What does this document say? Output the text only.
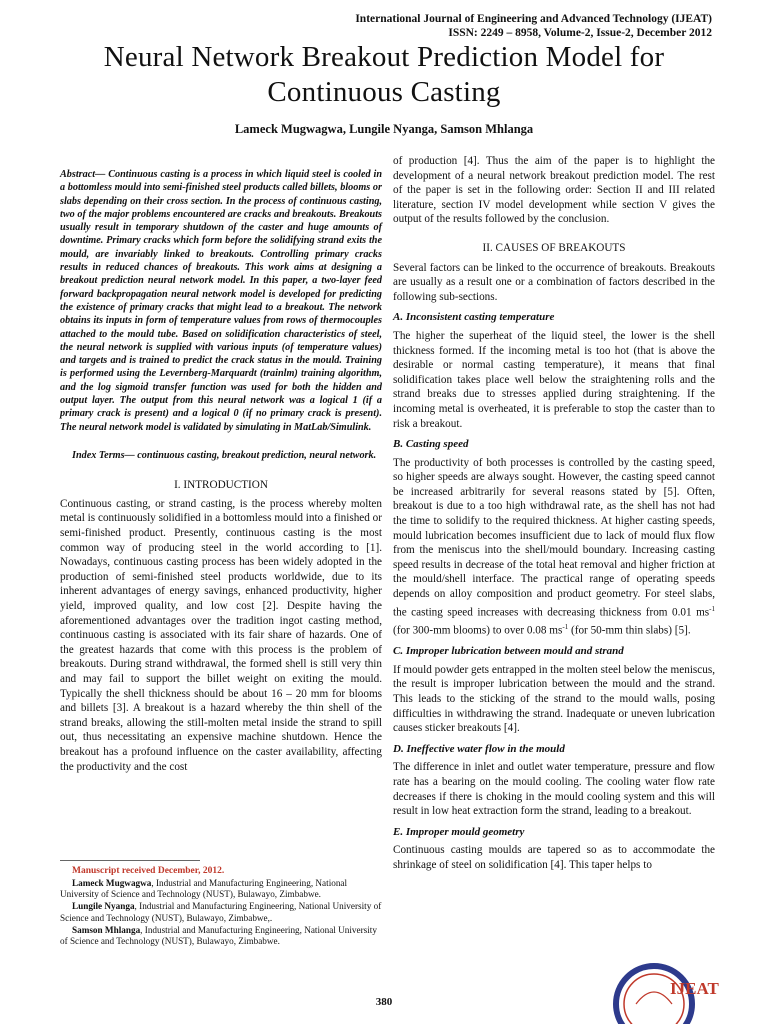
International Journal of Engineering and Advanced Technology (IJEAT)
ISSN: 2249 – 8958, Volume-2, Issue-2, December 2012
Neural Network Breakout Prediction Model for
Continuous Casting
Lameck Mugwagwa, Lungile Nyanga, Samson Mhlanga

Abstract— Continuous casting is a process in which liquid steel is cooled in a bottomless mould into semi-finished steel products called billets, blooms or slabs depending on their cross section. In the process of continuous casting, two of the major problems encountered are cracks and breakouts. Breakouts usually result in temporary shutdown of the caster and huge amounts of downtime. Primary cracks which form before the solidifying strand exits the mould, are invariably linked to breakouts. Controlling primary cracks results in reduced chances of breakouts. This work aims at designing a breakout prediction neural network model. In this paper, a two-layer feed forward backpropagation neural network model is developed for predicting the existence of primary cracks that might lead to a breakout. The network obtains its inputs in form of temperature values from rows of thermocouples attached to the mould tube. Based on solidification characteristics of steel, the neural network is supplied with various inputs (of temperature values) and targets and is trained to predict the crack status in the mould. Training is performed using the Levernberg-Marquardt (trainlm) training algorithm, and the log sigmoid transfer function was used for both the hidden and output layer. The output from this neural network was a logical 1 (if a primary crack is present) and a logical 0 (if no primary crack is present). The neural network model is validated by simulating in MatLab/Simulink.

Index Terms— continuous casting, breakout prediction, neural network.

I. INTRODUCTION

Continuous casting, or strand casting, is the process whereby molten metal is continuously solidified in a bottomless mould into a finished or semi-finished product. Presently, continuous casting is the most common way of producing steel in the world according to [1]. Nowadays, continuous casting process has been widely adopted in the production of semi-finished steel products worldwide, due to its inherent advantages of energy savings, enhanced productivity, higher yield, improved quality, and low cost [2]. Despite having the aforementioned advantages over the tradition ingot casting method, continuous casting is associated with its fair share of hazards. One of the greatest hazards that come with this process is the problem of breakouts. During strand withdrawal, the formed shell is still very thin and may fail to support the billet weight on exiting the mould. Typically the shell thickness should be about 16 – 20 mm for blooms and billets [3]. A breakout is a hazard whereby the thin shell of the strand breaks, allowing the still-molten metal inside the strand to spill out, thus necessitating an expensive machine shutdown. Hence the breakout has a profound influence on the caster availability, affecting the productivity and the cost

Manuscript received December, 2012.

Lameck Mugwagwa, Industrial and Manufacturing Engineering, National University of Science and Technology (NUST), Bulawayo, Zimbabwe.

Lungile Nyanga, Industrial and Manufacturing Engineering, National University of Science and Technology (NUST), Bulawayo, Zimbabwe,.

Samson Mhlanga, Industrial and Manufacturing Engineering, National University of Science and Technology (NUST), Bulawayo, Zimbabwe.

of production [4]. Thus the aim of the paper is to highlight the development of a neural network breakout prediction model. The rest of the paper is set in the following order: Section II and III related literature, section IV model development while section V gives the output of the results followed by the conclusion.

II. CAUSES OF BREAKOUTS

Several factors can be linked to the occurrence of breakouts. Breakouts are usually as a result one or a combination of factors described in the following sub-sections.

A. Inconsistent casting temperature

The higher the superheat of the liquid steel, the lower is the shell thickness formed. If the incoming metal is too hot (that is above the desirable or normal casting temperature), it means that final solidification takes place well below the straightening rolls and the strand breaks due to stresses applied during straightening. If the incoming metal is overheated, it is preferable to stop the caster than to risk a breakout.

B. Casting speed

The productivity of both processes is controlled by the casting speed, so higher speeds are always sought. However, the casting speed cannot be increased arbitrarily for several reasons stated by [5]. Often, breakout is due to a too high withdrawal rate, as the shell has not had the time to solidify to the required thickness. At higher casting speeds, mould lubrication becomes insufficient due to lack of mould flux flow from the meniscus into the shell/mould boundary. Increasing casting speed results in decrease of the total heat removal and higher friction at the mould/shell interface. The practical range of operating speeds depends on alloy composition and product geometry. For steel slabs, the casting speed increases with decreasing thickness from 0.01 $ms^{-1}$ (for 300-mm blooms) to over 0.08 $ms^{-1}$ (for 50-mm thin slabs) [5].

C. Improper lubrication between mould and strand

If mould powder gets entrapped in the molten steel below the meniscus, the result is improper lubrication between the mould and the strand. This leads to the sticking of the strand to the mould walls, posing difficulties in withdrawing the strand. Inadequate or uneven lubrication causes sticker breakouts [4].

D. Ineffective water flow in the mould

The difference in inlet and outlet water temperature, pressure and flow rate has a bearing on the mould cooling. The cooling water flow rate decreases if there is choking in the mould cooling system and this will result in low heat extraction form the strand, leading to a breakout.

E. Improper mould geometry

Continuous casting moulds are tapered so as to accommodate the shrinkage of steel on solidification [4]. This taper helps to

380
IJEAT
